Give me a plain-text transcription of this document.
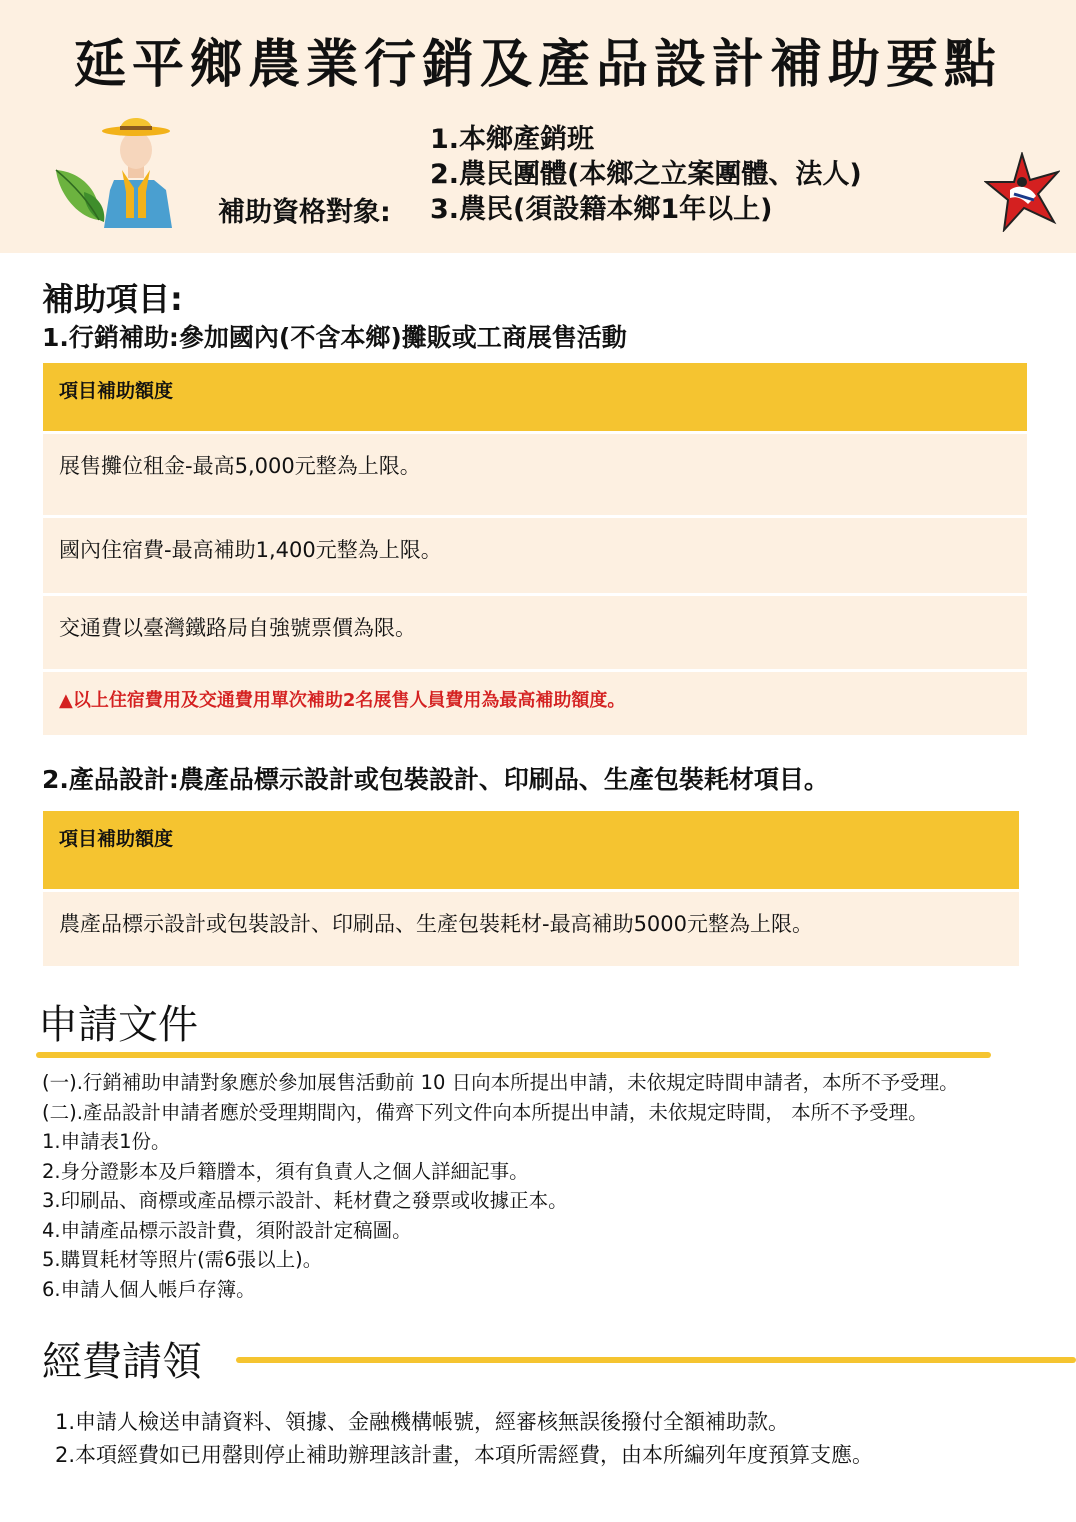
延平鄉農業行銷及產品設計補助要點
補助資格對象:
1.本鄉產銷班
2.農民團體(本鄉之立案團體、法人)
3.農民(須設籍本鄉1年以上)
補助項目:
1.行銷補助:參加國內(不含本鄉)攤販或工商展售活動
項目補助額度
展售攤位租金-最高5,000元整為上限。
國內住宿費-最高補助1,400元整為上限。
交通費以臺灣鐵路局自強號票價為限。
▲以上住宿費用及交通費用單次補助2名展售人員費用為最高補助額度。
2.產品設計:農產品標示設計或包裝設計、印刷品、生產包裝耗材項目。
項目補助額度
農產品標示設計或包裝設計、印刷品、生產包裝耗材-最高補助5000元整為上限。
申請文件
(一).行銷補助申請對象應於參加展售活動前 10 日向本所提出申請，未依規定時間申請者，本所不予受理。
(二).產品設計申請者應於受理期間內，備齊下列文件向本所提出申請，未依規定時間， 本所不予受理。
1.申請表1份。
2.身分證影本及戶籍謄本，須有負責人之個人詳細記事。
3.印刷品、商標或產品標示設計、耗材費之發票或收據正本。
4.申請產品標示設計費，須附設計定稿圖。
5.購買耗材等照片(需6張以上)。
6.申請人個人帳戶存簿。
經費請領
1.申請人檢送申請資料、領據、金融機構帳號，經審核無誤後撥付全額補助款。
2.本項經費如已用罄則停止補助辦理該計畫，本項所需經費，由本所編列年度預算支應。
